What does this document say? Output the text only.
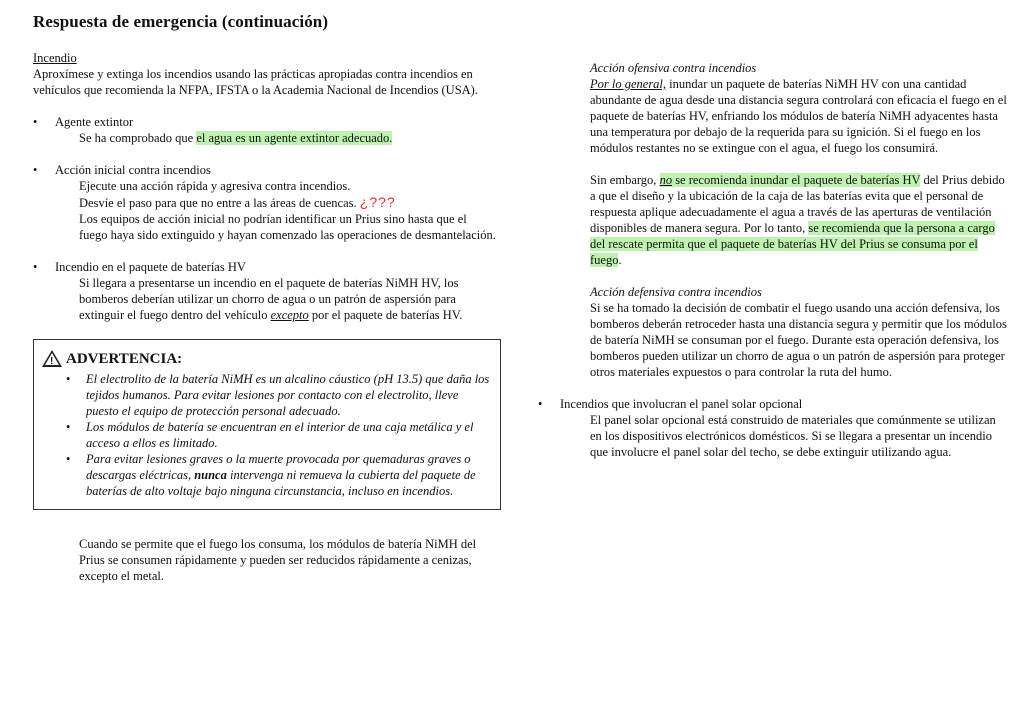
Respuesta de emergencia (continuación)
Incendio
Aproxímese y extinga los incendios usando las prácticas apropiadas contra incendios en vehículos que recomienda la NFPA, IFSTA o la Academia Nacional de Incendios (USA).
• Agente extintor
Se ha comprobado que el agua es un agente extintor adecuado.
• Acción inicial contra incendios
Ejecute una acción rápida y agresiva contra incendios.
Desvíe el paso para que no entre a las áreas de cuencas. ¿???
Los equipos de acción inicial no podrían identificar un Prius sino hasta que el fuego haya sido extinguido y hayan comenzado las operaciones de desmantelación.
• Incendio en el paquete de baterías HV
Si llegara a presentarse un incendio en el paquete de baterías NiMH HV, los bomberos deberían utilizar un chorro de agua o un patrón de aspersión para extinguir el fuego dentro del vehículo excepto por el paquete de baterías HV.
! ADVERTENCIA:
• El electrolito de la batería NiMH es un alcalino cáustico (pH 13.5) que daña los tejidos humanos. Para evitar lesiones por contacto con el electrolito, lleve puesto el equipo de protección personal adecuado.
• Los módulos de batería se encuentran en el interior de una caja metálica y el acceso a ellos es limitado.
• Para evitar lesiones graves o la muerte provocada por quemaduras graves o descargas eléctricas, nunca intervenga ni remueva la cubierta del paquete de baterías de alto voltaje bajo ninguna circunstancia, incluso en incendios.
Cuando se permite que el fuego los consuma, los módulos de batería NiMH del Prius se consumen rápidamente y pueden ser reducidos rápidamente a cenizas, excepto el metal.
Acción ofensiva contra incendios
Por lo general, inundar un paquete de baterías NiMH HV con una cantidad abundante de agua desde una distancia segura controlará con eficacia el fuego en el paquete de baterías HV, enfriando los módulos de batería NiMH adyacentes hasta una temperatura por debajo de la requerida para su ignición. Si el fuego en los módulos restantes no se extingue con el agua, el fuego los consumirá.
Sin embargo, no se recomienda inundar el paquete de baterías HV del Prius debido a que el diseño y la ubicación de la caja de las baterías evita que el personal de respuesta aplique adecuadamente el agua a través de las aperturas de ventilación disponibles de manera segura. Por lo tanto, se recomienda que la persona a cargo del rescate permita que el paquete de baterías HV del Prius se consuma por el fuego.
Acción defensiva contra incendios
Si se ha tomado la decisión de combatir el fuego usando una acción defensiva, los bomberos deberán retroceder hasta una distancia segura y permitir que los módulos de batería NiMH se consuman por el fuego. Durante esta operación defensiva, los bomberos pueden utilizar un chorro de agua o un patrón de aspersión para proteger otros materiales expuestos o para controlar la ruta del humo.
• Incendios que involucran el panel solar opcional
El panel solar opcional está construido de materiales que comúnmente se utilizan en los dispositivos electrónicos domésticos. Si se llegara a presentar un incendio que involucre el panel solar del techo, se debe extinguir utilizando agua.
